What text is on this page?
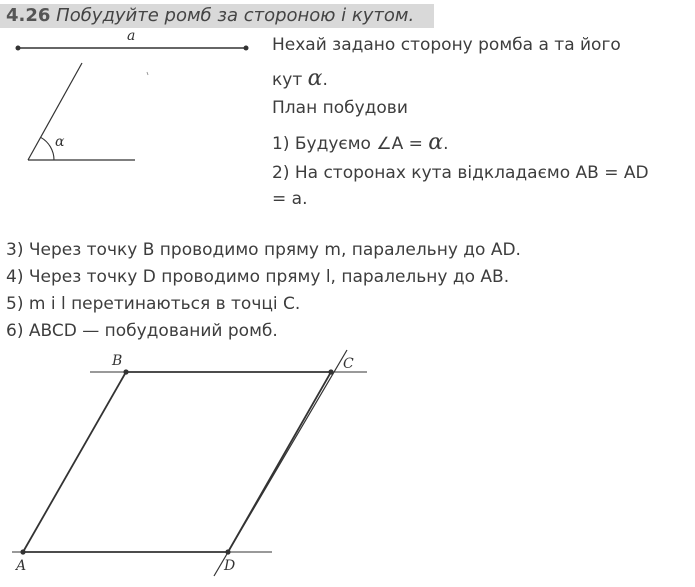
4.26 Побудуйте ромб за стороною і кутом.
Нехай задано сторону ромба а та його
кут α.
План побудови
1) Будуємо ∠A = α.
2) На сторонах кута відкладаємо AB = AD
= a.
3) Через точку B проводимо пряму m, паралельну до AD.
4) Через точку D проводимо пряму l, паралельну до AB.
5) m і l перетинаються в точці C.
6) ABCD — побудований ромб.
a
α
B	C
A	D
